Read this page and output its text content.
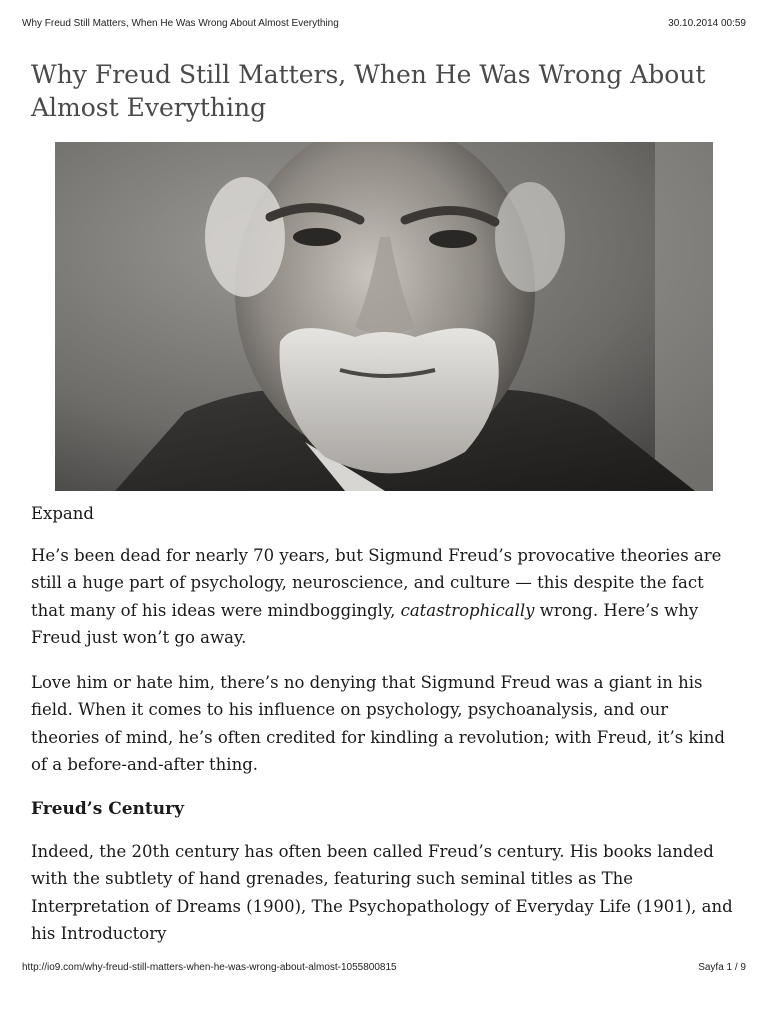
Why Freud Still Matters, When He Was Wrong About Almost Everything	30.10.2014 00:59
Why Freud Still Matters, When He Was Wrong About Almost Everything

Expand

He’s been dead for nearly 70 years, but Sigmund Freud’s provocative theories are still a huge part of psychology, neuroscience, and culture — this despite the fact that many of his ideas were mindboggingly, catastrophically wrong. Here’s why Freud just won’t go away.

Love him or hate him, there’s no denying that Sigmund Freud was a giant in his field. When it comes to his influence on psychology, psychoanalysis, and our theories of mind, he’s often credited for kindling a revolution; with Freud, it’s kind of a before-and-after thing.

Freud’s Century

Indeed, the 20th century has often been called Freud’s century. His books landed with the subtlety of hand grenades, featuring such seminal titles as The Interpretation of Dreams (1900), The Psychopathology of Everyday Life (1901), and his Introductory

http://io9.com/why-freud-still-matters-when-he-was-wrong-about-almost-1055800815	Sayfa 1 / 9
